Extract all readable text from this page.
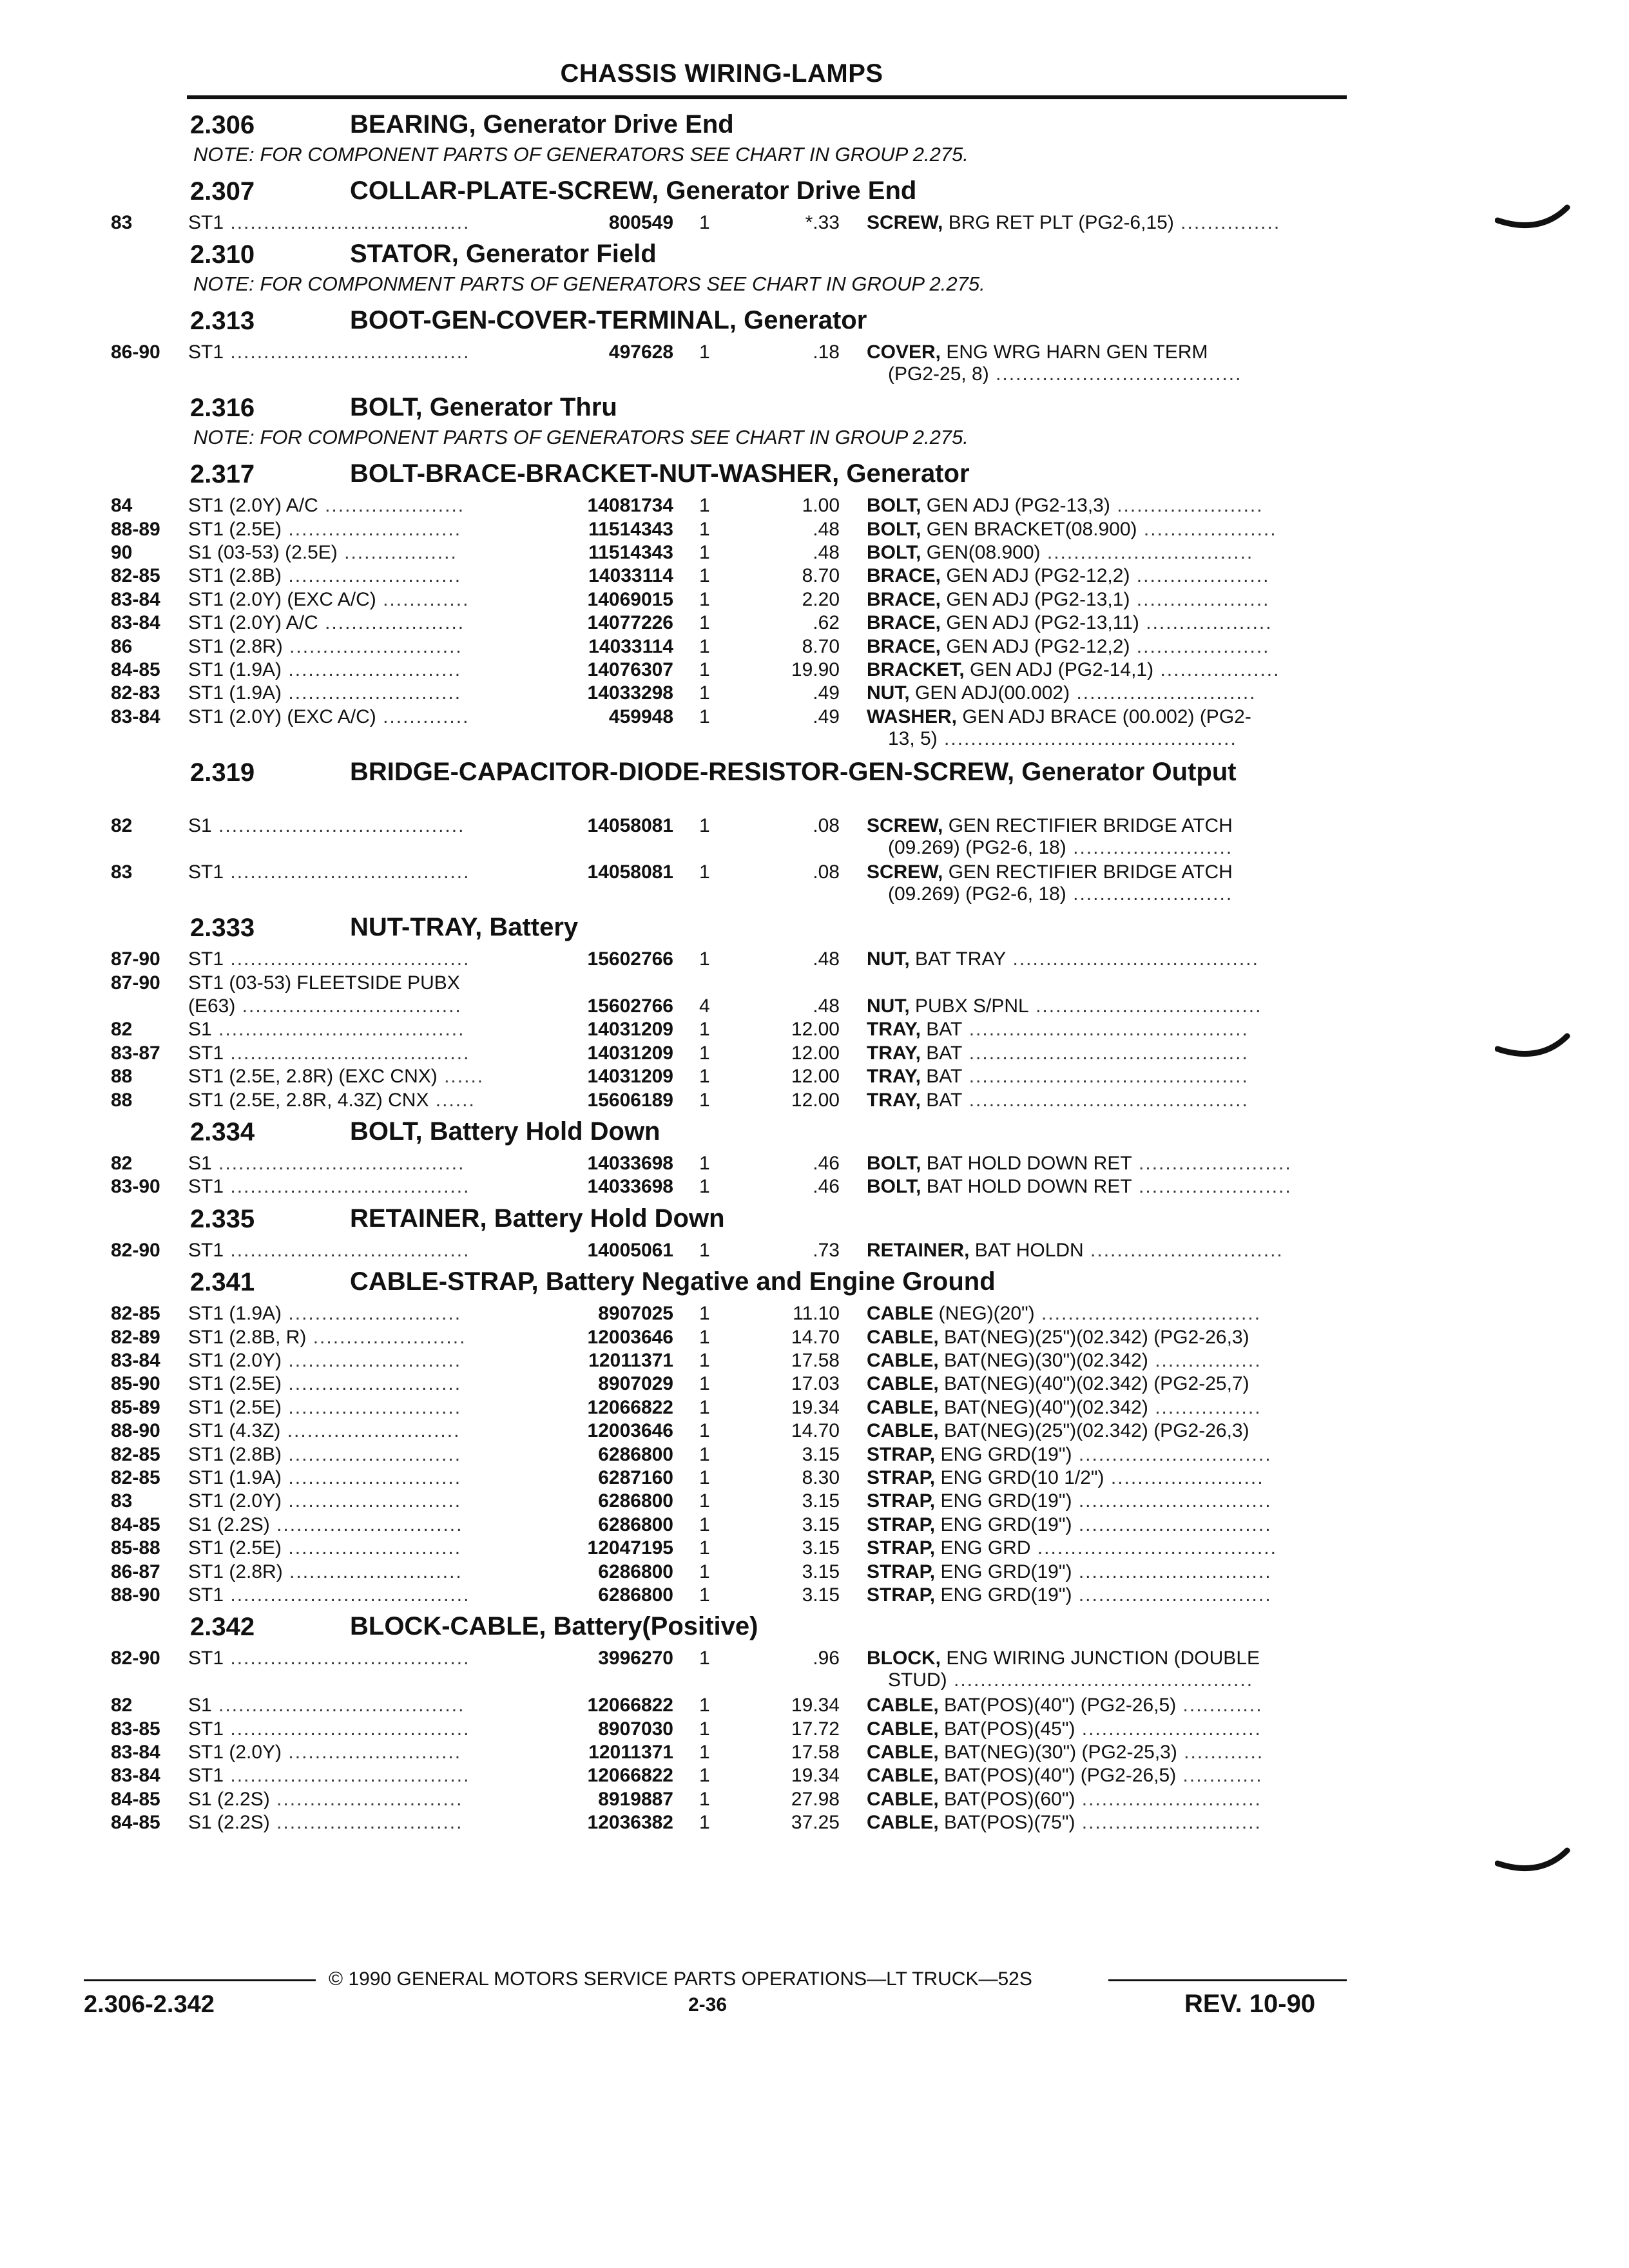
CHASSIS WIRING-LAMPS
2.306	BEARING, Generator Drive End
NOTE: FOR COMPONENT PARTS OF GENERATORS SEE CHART IN GROUP 2.275.
2.307	COLLAR-PLATE-SCREW, Generator Drive End
83	ST1 ....................................	800549 1	*.33 SCREW, BRG RET PLT (PG2-6,15) ...............
2.310	STATOR, Generator Field
NOTE: FOR COMPONMENT PARTS OF GENERATORS SEE CHART IN GROUP 2.275.
2.313	BOOT-GEN-COVER-TERMINAL, Generator
86-90 ST1 ....................................	497628 1	.18 COVER, ENG WRG HARN GEN TERM
(PG2-25, 8) .....................................
2.316	BOLT, Generator Thru
NOTE: FOR COMPONENT PARTS OF GENERATORS SEE CHART IN GROUP 2.275.
2.317	BOLT-BRACE-BRACKET-NUT-WASHER, Generator
84	ST1 (2.0Y) A/C .....................	14081734 1	1.00 BOLT, GEN ADJ (PG2-13,3) ......................
88-89 ST1 (2.5E) ..........................	11514343 1	.48 BOLT, GEN BRACKET(08.900) ....................
90	S1 (03-53) (2.5E) .................	11514343 1	.48 BOLT, GEN(08.900) ...............................
82-85 ST1 (2.8B) ..........................	14033114 1	8.70 BRACE, GEN ADJ (PG2-12,2) ....................
83-84 ST1 (2.0Y) (EXC A/C) .............	14069015 1	2.20 BRACE, GEN ADJ (PG2-13,1) ....................
83-84 ST1 (2.0Y) A/C .....................	14077226 1	.62 BRACE, GEN ADJ (PG2-13,11) ...................
86	ST1 (2.8R) ..........................	14033114 1	8.70 BRACE, GEN ADJ (PG2-12,2) ....................
84-85 ST1 (1.9A) ..........................	14076307 1	19.90 BRACKET, GEN ADJ (PG2-14,1) ..................
82-83 ST1 (1.9A) ..........................	14033298 1	.49 NUT, GEN ADJ(00.002) ...........................
83-84 ST1 (2.0Y) (EXC A/C) .............	459948 1	.49 WASHER, GEN ADJ BRACE (00.002) (PG2-
13, 5) ............................................
2.319	BRIDGE-CAPACITOR-DIODE-RESISTOR-GEN-SCREW, Generator Output
82	S1 .....................................	14058081 1	.08 SCREW, GEN RECTIFIER BRIDGE ATCH
(09.269) (PG2-6, 18) ........................
83	ST1 ....................................	14058081 1	.08 SCREW, GEN RECTIFIER BRIDGE ATCH
(09.269) (PG2-6, 18) ........................
2.333	NUT-TRAY, Battery
87-90 ST1 ....................................	15602766 1	.48 NUT, BAT TRAY .....................................
87-90 ST1 (03-53) FLEETSIDE PUBX
(E63) .................................	15602766 4	.48 NUT, PUBX S/PNL ..................................
82	S1 .....................................	14031209 1	12.00 TRAY, BAT ..........................................
83-87 ST1 ....................................	14031209 1	12.00 TRAY, BAT ..........................................
88	ST1 (2.5E, 2.8R) (EXC CNX) ......	14031209 1	12.00 TRAY, BAT ..........................................
88	ST1 (2.5E, 2.8R, 4.3Z) CNX ......	15606189 1	12.00 TRAY, BAT ..........................................
2.334	BOLT, Battery Hold Down
82	S1 .....................................	14033698 1	.46 BOLT, BAT HOLD DOWN RET .......................
83-90 ST1 ....................................	14033698 1	.46 BOLT, BAT HOLD DOWN RET .......................
2.335	RETAINER, Battery Hold Down
82-90 ST1 ....................................	14005061 1	.73 RETAINER, BAT HOLDN .............................
2.341	CABLE-STRAP, Battery Negative and Engine Ground
82-85 ST1 (1.9A) ..........................	8907025 1	11.10 CABLE (NEG)(20") .................................
82-89 ST1 (2.8B, R) .......................	12003646 1	14.70 CABLE, BAT(NEG)(25")(02.342) (PG2-26,3)
83-84 ST1 (2.0Y) ..........................	12011371 1	17.58 CABLE, BAT(NEG)(30")(02.342) ................
85-90 ST1 (2.5E) ..........................	8907029 1	17.03 CABLE, BAT(NEG)(40")(02.342) (PG2-25,7)
85-89 ST1 (2.5E) ..........................	12066822 1	19.34 CABLE, BAT(NEG)(40")(02.342) ................
88-90 ST1 (4.3Z) ..........................	12003646 1	14.70 CABLE, BAT(NEG)(25")(02.342) (PG2-26,3)
82-85 ST1 (2.8B) ..........................	6286800 1	3.15 STRAP, ENG GRD(19") .............................
82-85 ST1 (1.9A) ..........................	6287160 1	8.30 STRAP, ENG GRD(10 1/2") .......................
83	ST1 (2.0Y) ..........................	6286800 1	3.15 STRAP, ENG GRD(19") .............................
84-85 S1 (2.2S) ............................	6286800 1	3.15 STRAP, ENG GRD(19") .............................
85-88 ST1 (2.5E) ..........................	12047195 1	3.15 STRAP, ENG GRD ....................................
86-87 ST1 (2.8R) ..........................	6286800 1	3.15 STRAP, ENG GRD(19") .............................
88-90 ST1 ....................................	6286800 1	3.15 STRAP, ENG GRD(19") .............................
2.342	BLOCK-CABLE, Battery(Positive)
82-90 ST1 ....................................	3996270 1	.96 BLOCK, ENG WIRING JUNCTION (DOUBLE
STUD) .............................................
82	S1 .....................................	12066822 1	19.34 CABLE, BAT(POS)(40") (PG2-26,5) ............
83-85 ST1 ....................................	8907030 1	17.72 CABLE, BAT(POS)(45") ...........................
83-84 ST1 (2.0Y) ..........................	12011371 1	17.58 CABLE, BAT(NEG)(30") (PG2-25,3) ............
83-84 ST1 ....................................	12066822 1	19.34 CABLE, BAT(POS)(40") (PG2-26,5) ............
84-85 S1 (2.2S) ............................	8919887 1	27.98 CABLE, BAT(POS)(60") ...........................
84-85 S1 (2.2S) ............................	12036382 1	37.25 CABLE, BAT(POS)(75") ...........................
© 1990 GENERAL MOTORS SERVICE PARTS OPERATIONS—LT TRUCK—52S
2.306-2.342	2-36	REV. 10-90
